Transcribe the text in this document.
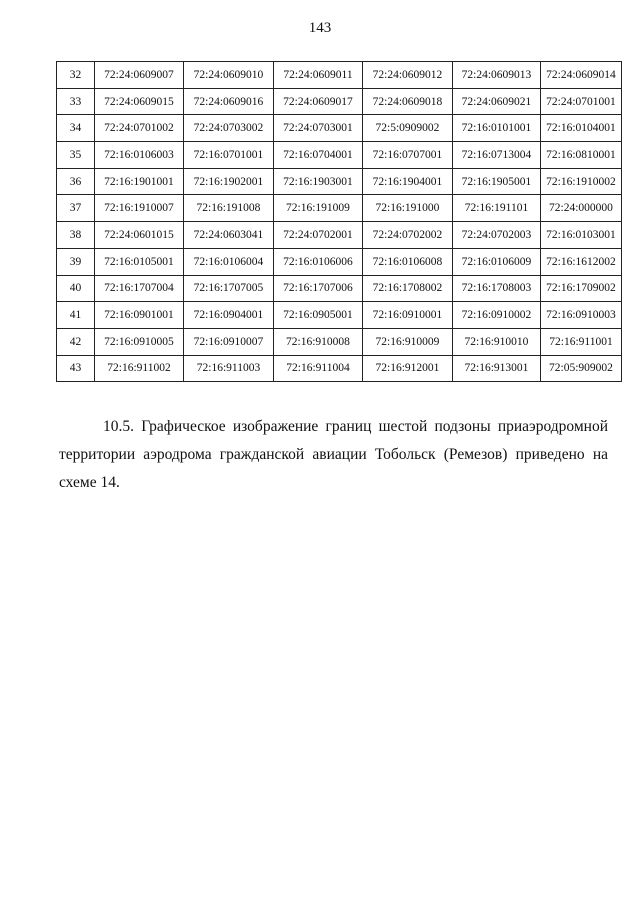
143
32	72:24:0609007	72:24:0609010	72:24:0609011	72:24:0609012	72:24:0609013	72:24:0609014
33	72:24:0609015	72:24:0609016	72:24:0609017	72:24:0609018	72:24:0609021	72:24:0701001
34	72:24:0701002	72:24:0703002	72:24:0703001	72:5:0909002	72:16:0101001	72:16:0104001
35	72:16:0106003	72:16:0701001	72:16:0704001	72:16:0707001	72:16:0713004	72:16:0810001
36	72:16:1901001	72:16:1902001	72:16:1903001	72:16:1904001	72:16:1905001	72:16:1910002
37	72:16:1910007	72:16:191008	72:16:191009	72:16:191000	72:16:191101	72:24:000000
38	72:24:0601015	72:24:0603041	72:24:0702001	72:24:0702002	72:24:0702003	72:16:0103001
39	72:16:0105001	72:16:0106004	72:16:0106006	72:16:0106008	72:16:0106009	72:16:1612002
40	72:16:1707004	72:16:1707005	72:16:1707006	72:16:1708002	72:16:1708003	72:16:1709002
41	72:16:0901001	72:16:0904001	72:16:0905001	72:16:0910001	72:16:0910002	72:16:0910003
42	72:16:0910005	72:16:0910007	72:16:910008	72:16:910009	72:16:910010	72:16:911001
43	72:16:911002	72:16:911003	72:16:911004	72:16:912001	72:16:913001	72:05:909002

10.5. Графическое изображение границ шестой подзоны приаэродромной территории аэродрома гражданской авиации Тобольск (Ремезов) приведено на схеме 14.
